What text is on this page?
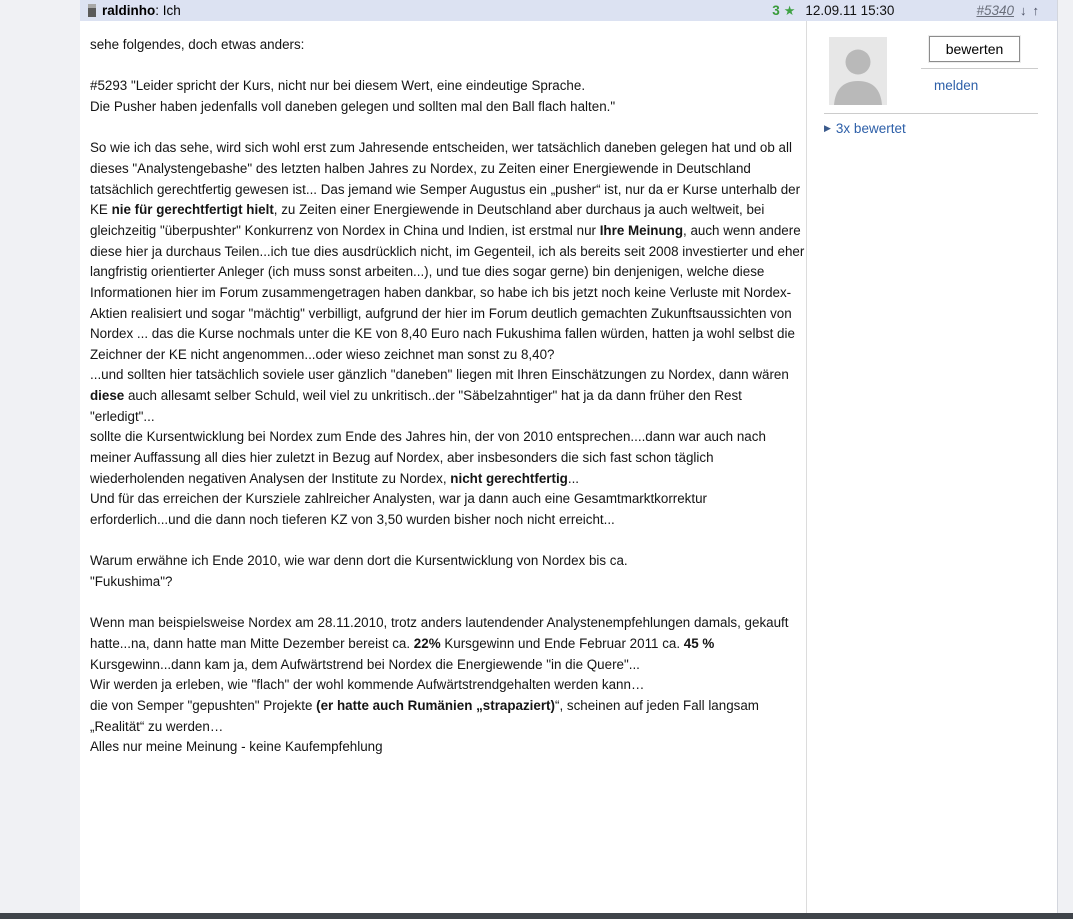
raldinho : Ich	3 ★ 12.09.11 15:30	#5340 ↓ ↑

sehe folgendes, doch etwas anders:

#5293 "Leider spricht der Kurs, nicht nur bei diesem Wert, eine eindeutige Sprache.
Die Pusher haben jedenfalls voll daneben gelegen und sollten mal den Ball flach halten."

So wie ich das sehe, wird sich wohl erst zum Jahresende entscheiden, wer tatsächlich daneben gelegen hat und ob all dieses "Analystengebashe" des letzten halben Jahres zu Nordex, zu Zeiten einer Energiewende in Deutschland tatsächlich gerechtfertig gewesen ist... Das jemand wie Semper Augustus ein „pusher“ ist, nur da er Kurse unterhalb der KE nie für gerechtfertigt hielt, zu Zeiten einer Energiewende in Deutschland aber durchaus ja auch weltweit, bei gleichzeitig "überpushter" Konkurrenz von Nordex in China und Indien, ist erstmal nur Ihre Meinung, auch wenn andere diese hier ja durchaus Teilen...ich tue dies ausdrücklich nicht, im Gegenteil, ich als bereits seit 2008 investierter und eher langfristig orientierter Anleger (ich muss sonst arbeiten...), und tue dies sogar gerne) bin denjenigen, welche diese Informationen hier im Forum zusammengetragen haben dankbar, so habe ich bis jetzt noch keine Verluste mit Nordex-Aktien realisiert und sogar "mächtig" verbilligt, aufgrund der hier im Forum deutlich gemachten Zukunftsaussichten von Nordex ... das die Kurse nochmals unter die KE von 8,40 Euro nach Fukushima fallen würden, hatten ja wohl selbst die Zeichner der KE nicht angenommen...oder wieso zeichnet man sonst zu 8,40?
...und sollten hier tatsächlich soviele user gänzlich "daneben" liegen mit Ihren Einschätzungen zu Nordex, dann wären diese auch allesamt selber Schuld, weil viel zu unkritisch..der "Säbelzahntiger" hat ja da dann früher den Rest "erledigt"...
sollte die Kursentwicklung bei Nordex zum Ende des Jahres hin, der von 2010 entsprechen....dann war auch nach meiner Auffassung all dies hier zuletzt in Bezug auf Nordex, aber insbesonders die sich fast schon täglich wiederholenden negativen Analysen der Institute zu Nordex, nicht gerechtfertig...
Und für das erreichen der Kursziele zahlreicher Analysten, war ja dann auch eine Gesamtmarktkorrektur erforderlich...und die dann noch tieferen KZ von 3,50 wurden bisher noch nicht erreicht...

Warum erwähne ich Ende 2010, wie war denn dort die Kursentwicklung von Nordex bis ca.
"Fukushima"?

Wenn man beispielsweise Nordex am 28.11.2010, trotz anders lautendender Analystenempfehlungen damals, gekauft hatte...na, dann hatte man Mitte Dezember bereist ca. 22% Kursgewinn und Ende Februar 2011 ca. 45 % Kursgewinn...dann kam ja, dem Aufwärtstrend bei Nordex die Energiewende "in die Quere"...
Wir werden ja erleben, wie "flach" der wohl kommende Aufwärtstrendgehalten werden kann…
die von Semper "gepushten" Projekte (er hatte auch Rumänien „strapaziert)“, scheinen auf jeden Fall langsam „Realität“ zu werden…
Alles nur meine Meinung - keine Kaufempfehlung

bewerten
melden
▶ 3x bewertet
